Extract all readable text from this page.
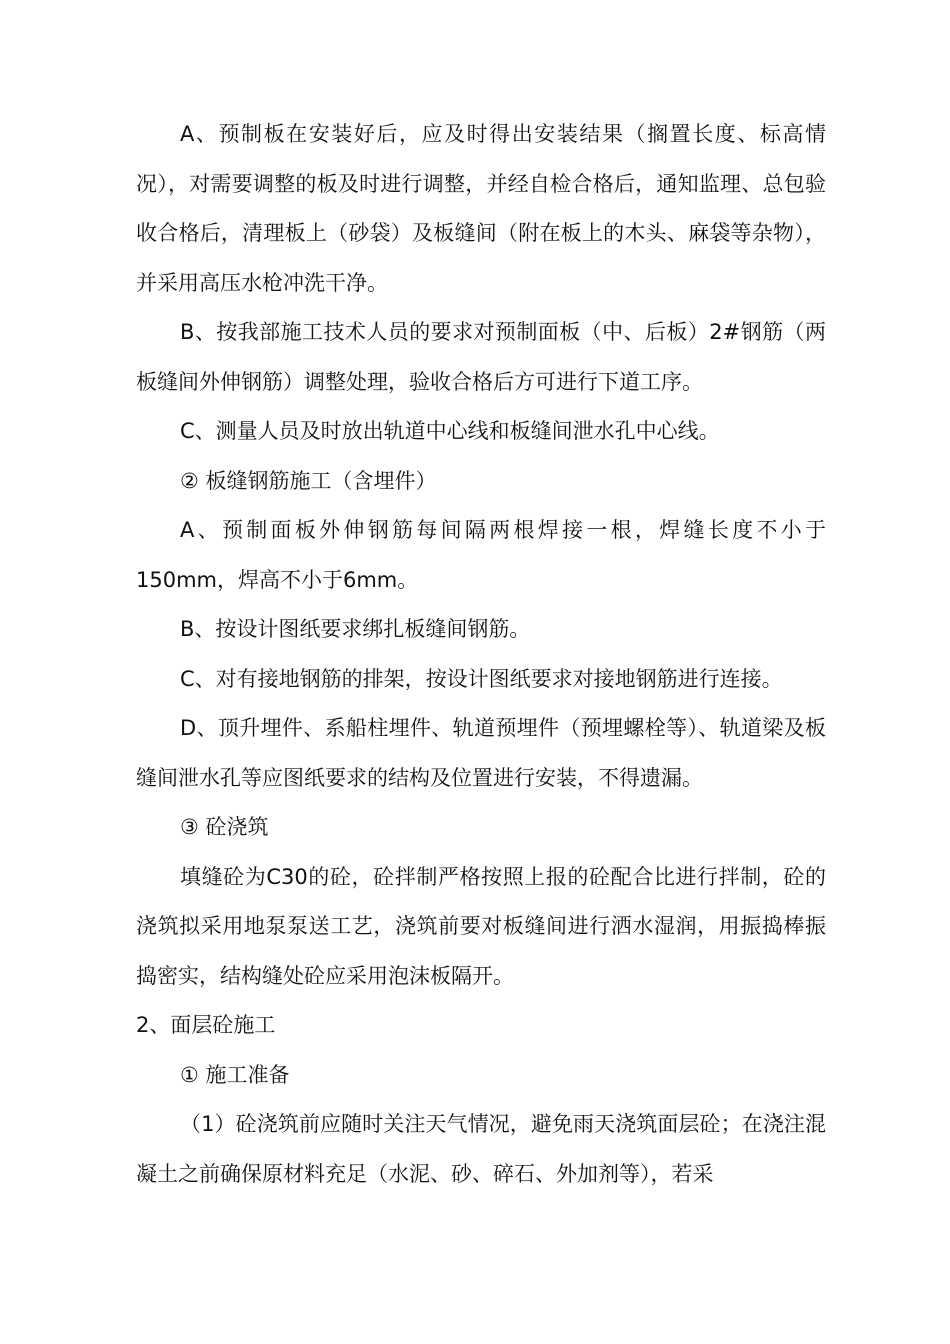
A、预制板在安装好后，应及时得出安装结果（搁置长度、标高情况），对需要调整的板及时进行调整，并经自检合格后，通知监理、总包验收合格后，清理板上（砂袋）及板缝间（附在板上的木头、麻袋等杂物），并采用高压水枪冲洗干净。

B、按我部施工技术人员的要求对预制面板（中、后板）2#钢筋（两板缝间外伸钢筋）调整处理，验收合格后方可进行下道工序。

C、测量人员及时放出轨道中心线和板缝间泄水孔中心线。

② 板缝钢筋施工（含埋件）

A、预制面板外伸钢筋每间隔两根焊接一根，焊缝长度不小于150mm，焊高不小于6mm。

B、按设计图纸要求绑扎板缝间钢筋。

C、对有接地钢筋的排架，按设计图纸要求对接地钢筋进行连接。

D、顶升埋件、系船柱埋件、轨道预埋件（预埋螺栓等）、轨道梁及板缝间泄水孔等应图纸要求的结构及位置进行安装，不得遗漏。

③ 砼浇筑

填缝砼为C30的砼，砼拌制严格按照上报的砼配合比进行拌制，砼的浇筑拟采用地泵泵送工艺，浇筑前要对板缝间进行洒水湿润，用振捣棒振捣密实，结构缝处砼应采用泡沫板隔开。

2、面层砼施工

① 施工准备

（1）砼浇筑前应随时关注天气情况，避免雨天浇筑面层砼；在浇注混凝土之前确保原材料充足（水泥、砂、碎石、外加剂等），若采
